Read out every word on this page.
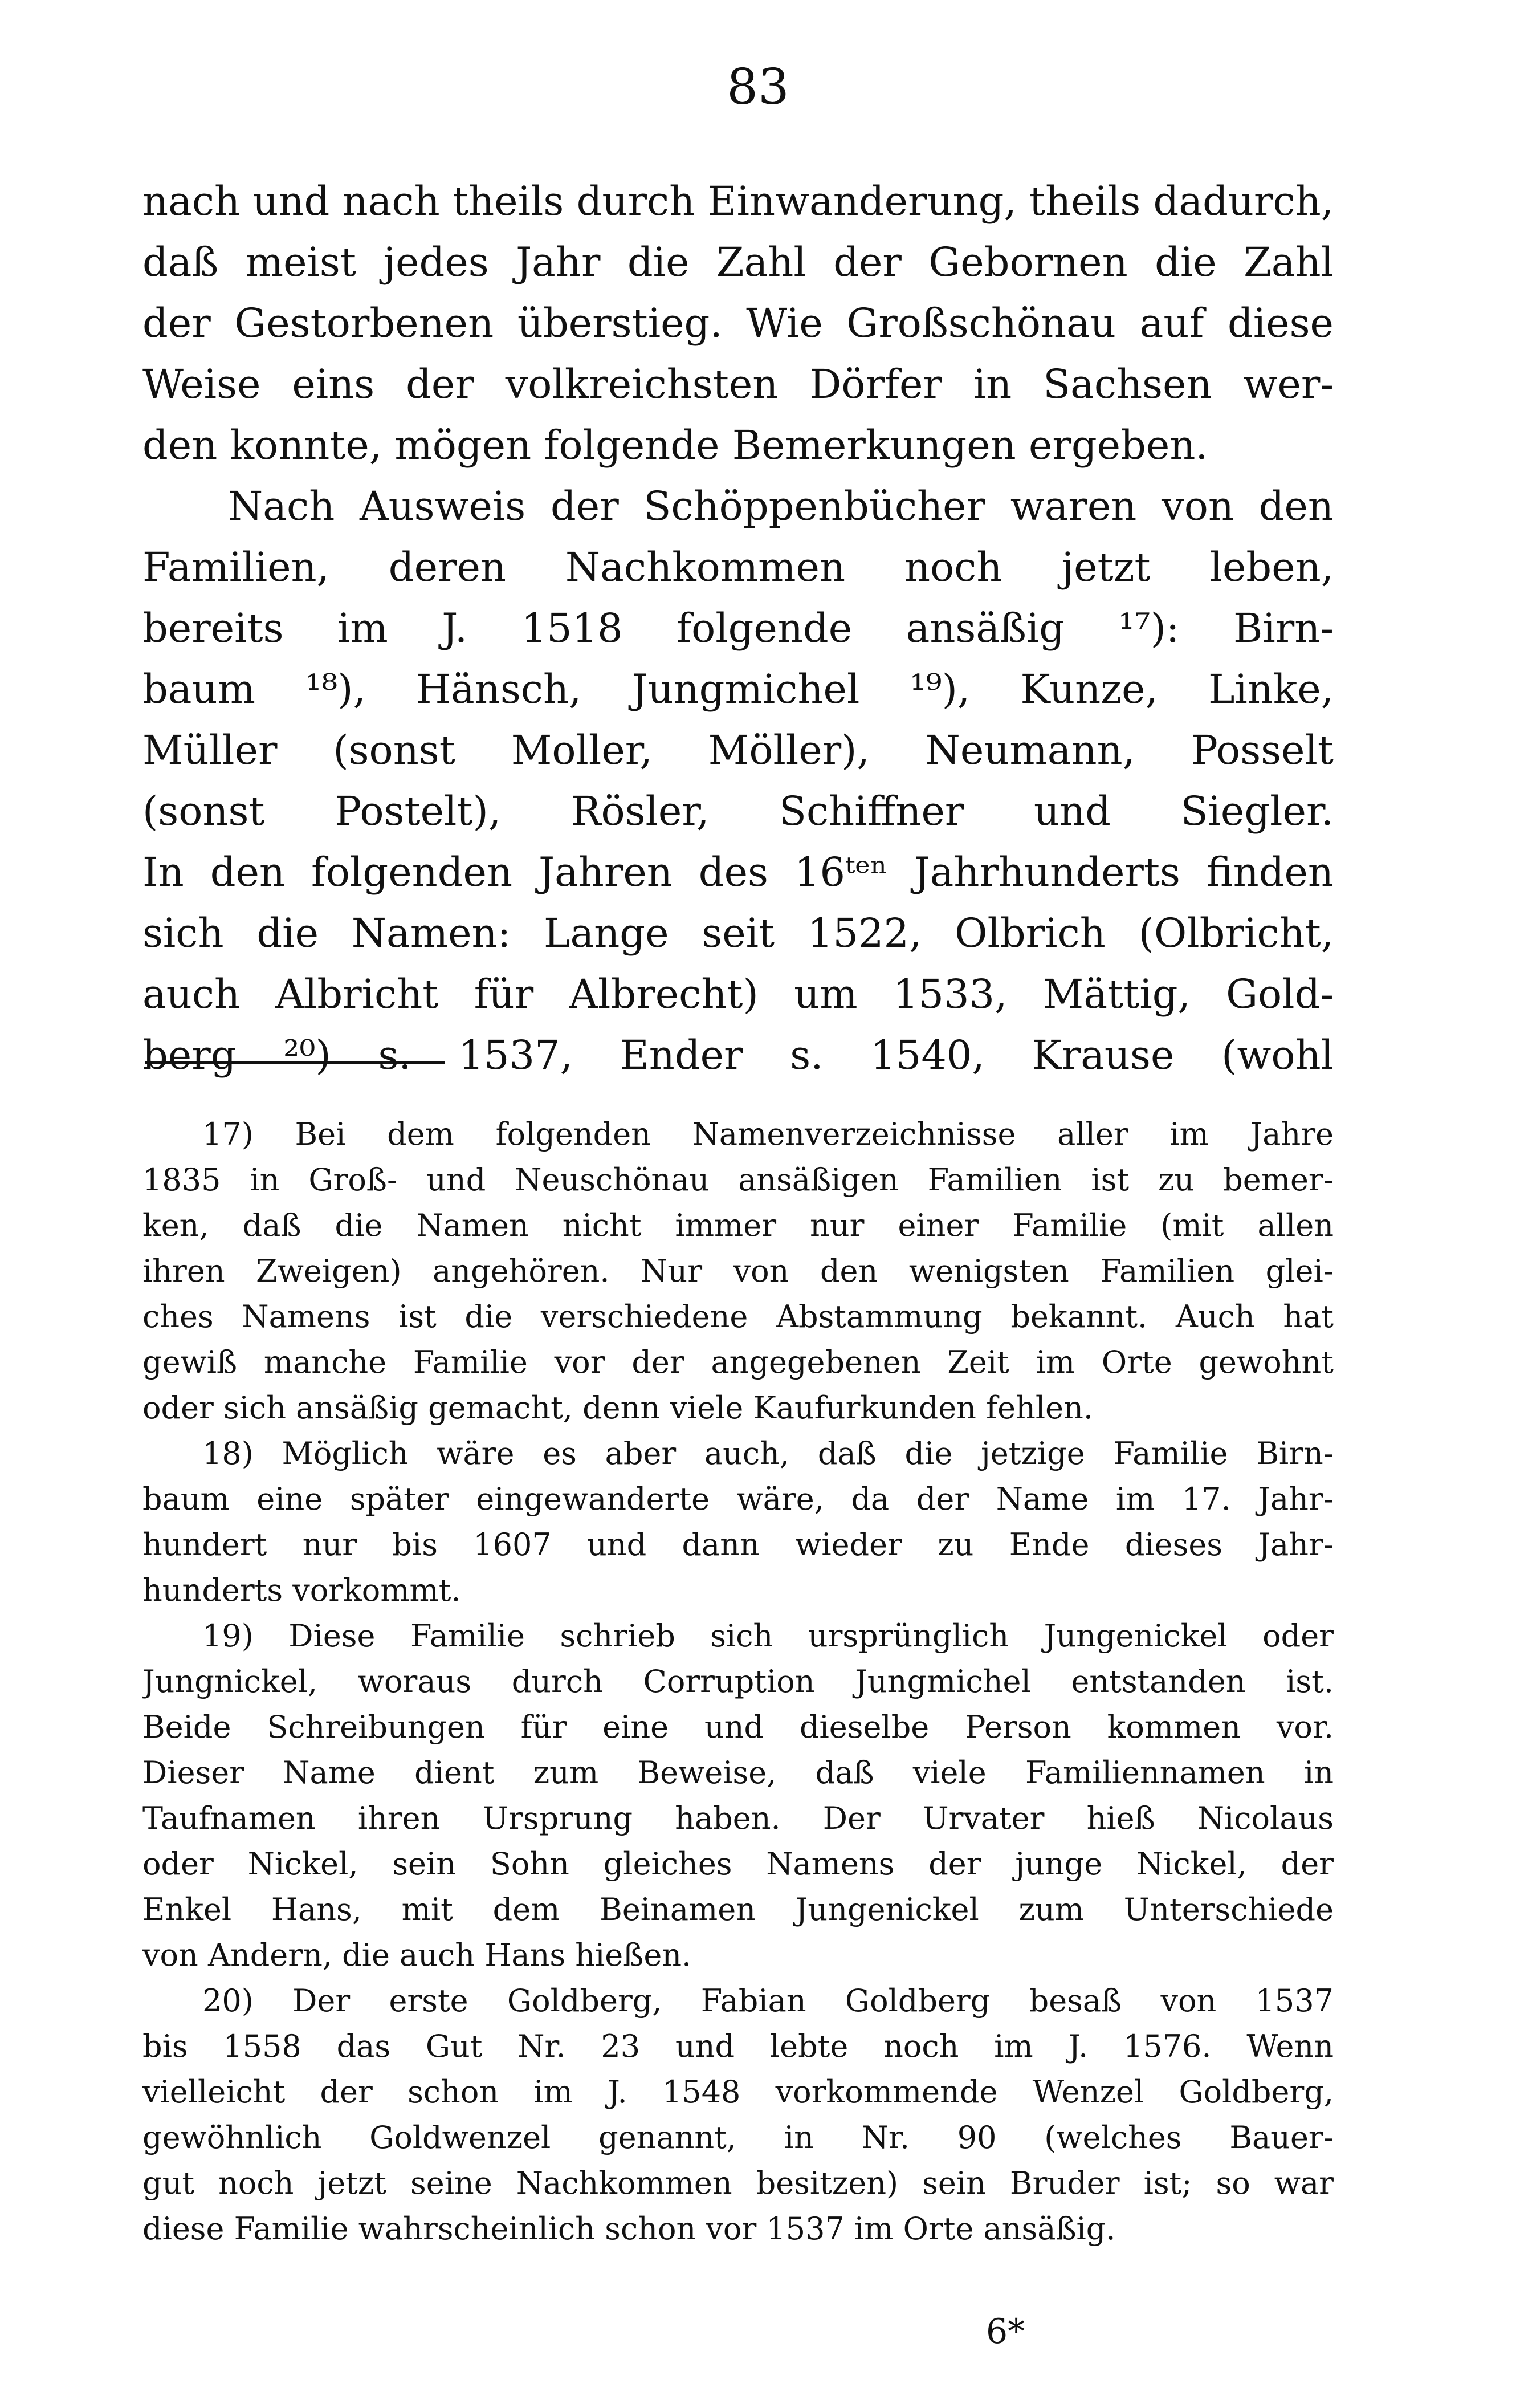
83
nach und nach theils durch Einwanderung, theils dadurch,
daß meist jedes Jahr die Zahl der Gebornen die Zahl
der Gestorbenen überstieg. Wie Großschönau auf diese
Weise eins der volkreichsten Dörfer in Sachsen wer-
den konnte, mögen folgende Bemerkungen ergeben.
Nach Ausweis der Schöppenbücher waren von den
Familien, deren Nachkommen noch jetzt leben,
bereits im J. 1518 folgende ansäßig ¹⁷): Birn-
baum ¹⁸), Hänsch, Jungmichel ¹⁹), Kunze, Linke,
Müller (sonst Moller, Möller), Neumann, Posselt
(sonst Postelt), Rösler, Schiffner und Siegler.
In den folgenden Jahren des 16ᵗᵉⁿ Jahrhunderts finden
sich die Namen: Lange seit 1522, Olbrich (Olbricht,
auch Albricht für Albrecht) um 1533, Mättig, Gold-
berg ²⁰) s. 1537, Ender s. 1540, Krause (wohl
17) Bei dem folgenden Namenverzeichnisse aller im Jahre
1835 in Groß- und Neuschönau ansäßigen Familien ist zu bemer-
ken, daß die Namen nicht immer nur einer Familie (mit allen
ihren Zweigen) angehören. Nur von den wenigsten Familien glei-
ches Namens ist die verschiedene Abstammung bekannt. Auch hat
gewiß manche Familie vor der angegebenen Zeit im Orte gewohnt
oder sich ansäßig gemacht, denn viele Kaufurkunden fehlen.
18) Möglich wäre es aber auch, daß die jetzige Familie Birn-
baum eine später eingewanderte wäre, da der Name im 17. Jahr-
hundert nur bis 1607 und dann wieder zu Ende dieses Jahr-
hunderts vorkommt.
19) Diese Familie schrieb sich ursprünglich Jungenickel oder
Jungnickel, woraus durch Corruption Jungmichel entstanden ist.
Beide Schreibungen für eine und dieselbe Person kommen vor.
Dieser Name dient zum Beweise, daß viele Familiennamen in
Taufnamen ihren Ursprung haben. Der Urvater hieß Nicolaus
oder Nickel, sein Sohn gleiches Namens der junge Nickel, der
Enkel Hans, mit dem Beinamen Jungenickel zum Unterschiede
von Andern, die auch Hans hießen.
20) Der erste Goldberg, Fabian Goldberg besaß von 1537
bis 1558 das Gut Nr. 23 und lebte noch im J. 1576. Wenn
vielleicht der schon im J. 1548 vorkommende Wenzel Goldberg,
gewöhnlich Goldwenzel genannt, in Nr. 90 (welches Bauer-
gut noch jetzt seine Nachkommen besitzen) sein Bruder ist; so war
diese Familie wahrscheinlich schon vor 1537 im Orte ansäßig.
6*
